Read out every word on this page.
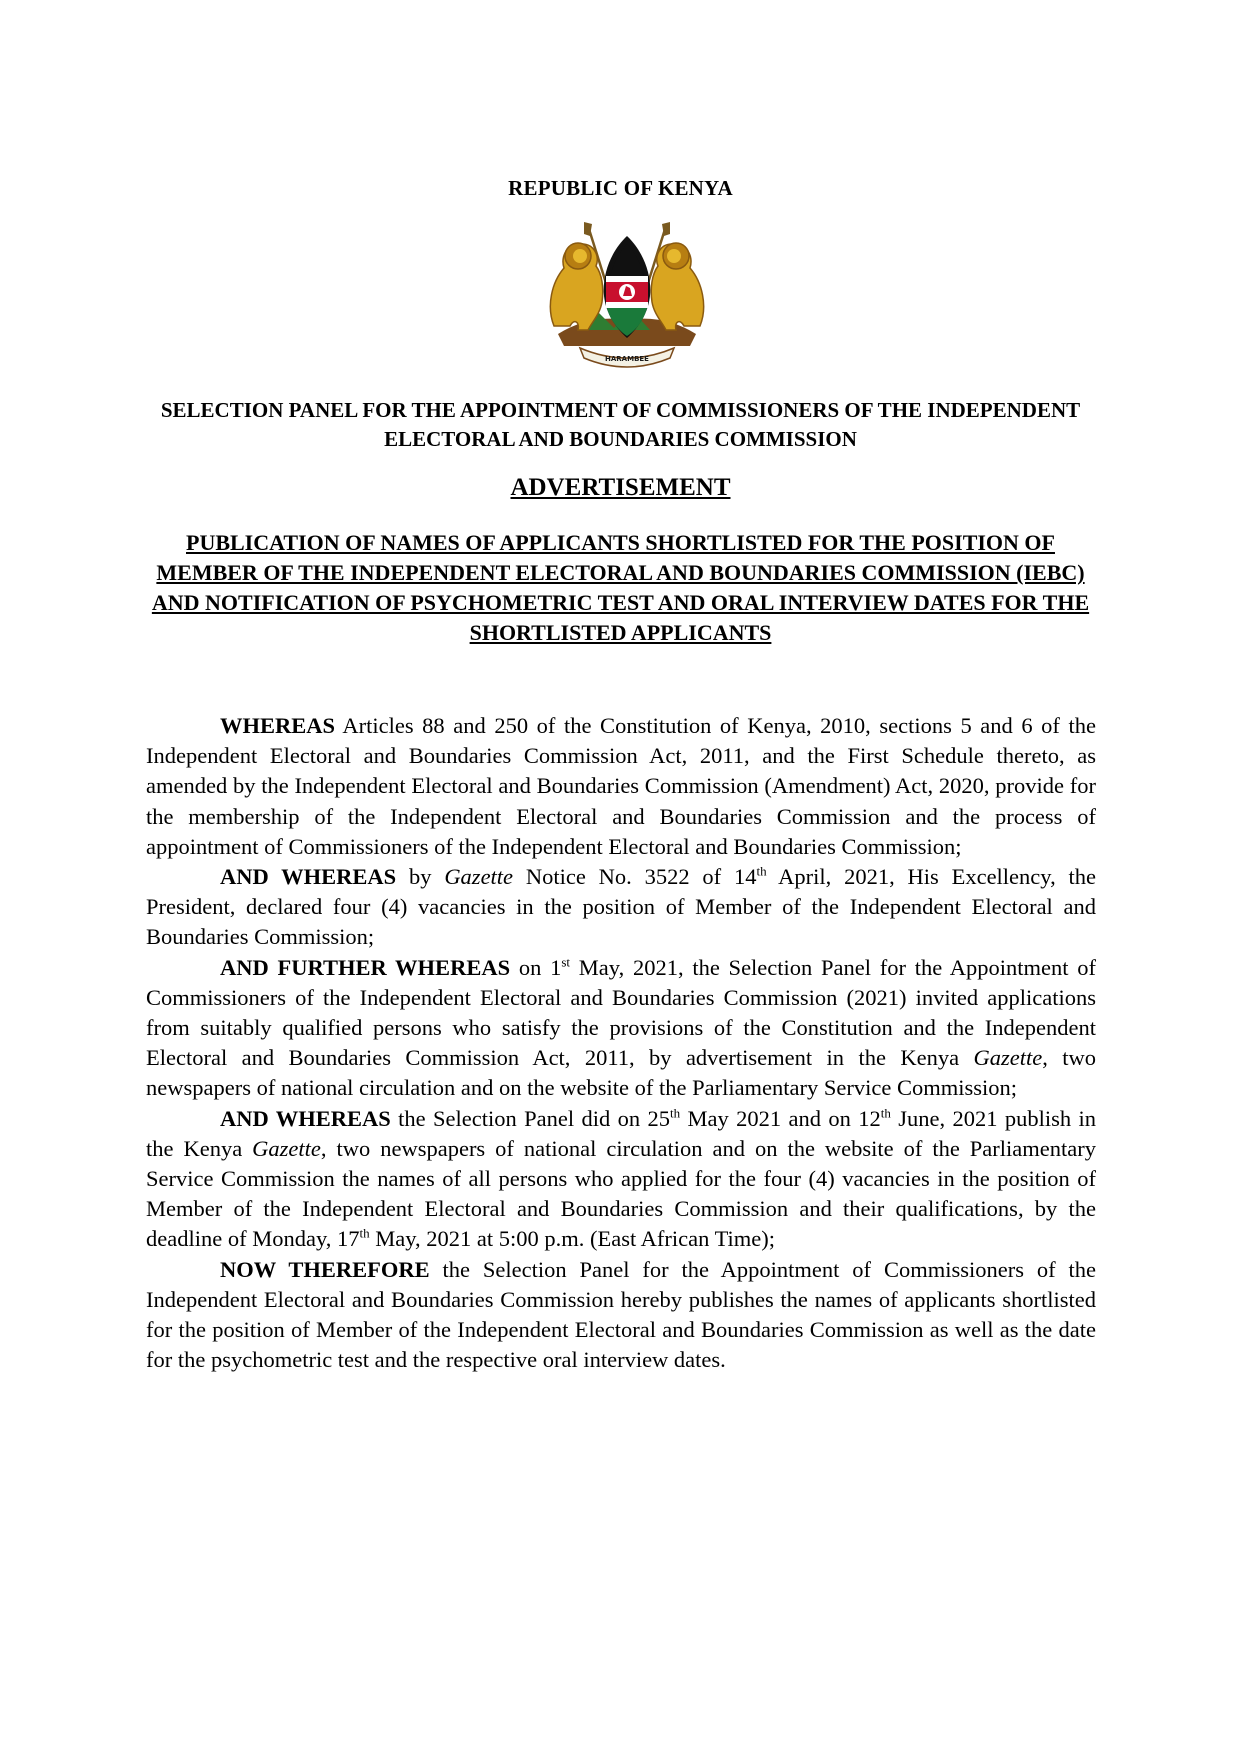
REPUBLIC OF KENYA
HARAMBEE
SELECTION PANEL FOR THE APPOINTMENT OF COMMISSIONERS OF THE INDEPENDENT ELECTORAL AND BOUNDARIES COMMISSION
ADVERTISEMENT
PUBLICATION OF NAMES OF APPLICANTS SHORTLISTED FOR THE POSITION OF MEMBER OF THE INDEPENDENT ELECTORAL AND BOUNDARIES COMMISSION (IEBC) AND NOTIFICATION OF PSYCHOMETRIC TEST AND ORAL INTERVIEW DATES FOR THE SHORTLISTED APPLICANTS

WHEREAS Articles 88 and 250 of the Constitution of Kenya, 2010, sections 5 and 6 of the Independent Electoral and Boundaries Commission Act, 2011, and the First Schedule thereto, as amended by the Independent Electoral and Boundaries Commission (Amendment) Act, 2020, provide for the membership of the Independent Electoral and Boundaries Commission and the process of appointment of Commissioners of the Independent Electoral and Boundaries Commission;

AND WHEREAS by Gazette Notice No. 3522 of 14th April, 2021, His Excellency, the President, declared four (4) vacancies in the position of Member of the Independent Electoral and Boundaries Commission;

AND FURTHER WHEREAS on 1st May, 2021, the Selection Panel for the Appointment of Commissioners of the Independent Electoral and Boundaries Commission (2021) invited applications from suitably qualified persons who satisfy the provisions of the Constitution and the Independent Electoral and Boundaries Commission Act, 2011, by advertisement in the Kenya Gazette, two newspapers of national circulation and on the website of the Parliamentary Service Commission;

AND WHEREAS the Selection Panel did on 25th May 2021 and on 12th June, 2021 publish in the Kenya Gazette, two newspapers of national circulation and on the website of the Parliamentary Service Commission the names of all persons who applied for the four (4) vacancies in the position of Member of the Independent Electoral and Boundaries Commission and their qualifications, by the deadline of Monday, 17th May, 2021 at 5:00 p.m. (East African Time);

NOW THEREFORE the Selection Panel for the Appointment of Commissioners of the Independent Electoral and Boundaries Commission hereby publishes the names of applicants shortlisted for the position of Member of the Independent Electoral and Boundaries Commission as well as the date for the psychometric test and the respective oral interview dates.
